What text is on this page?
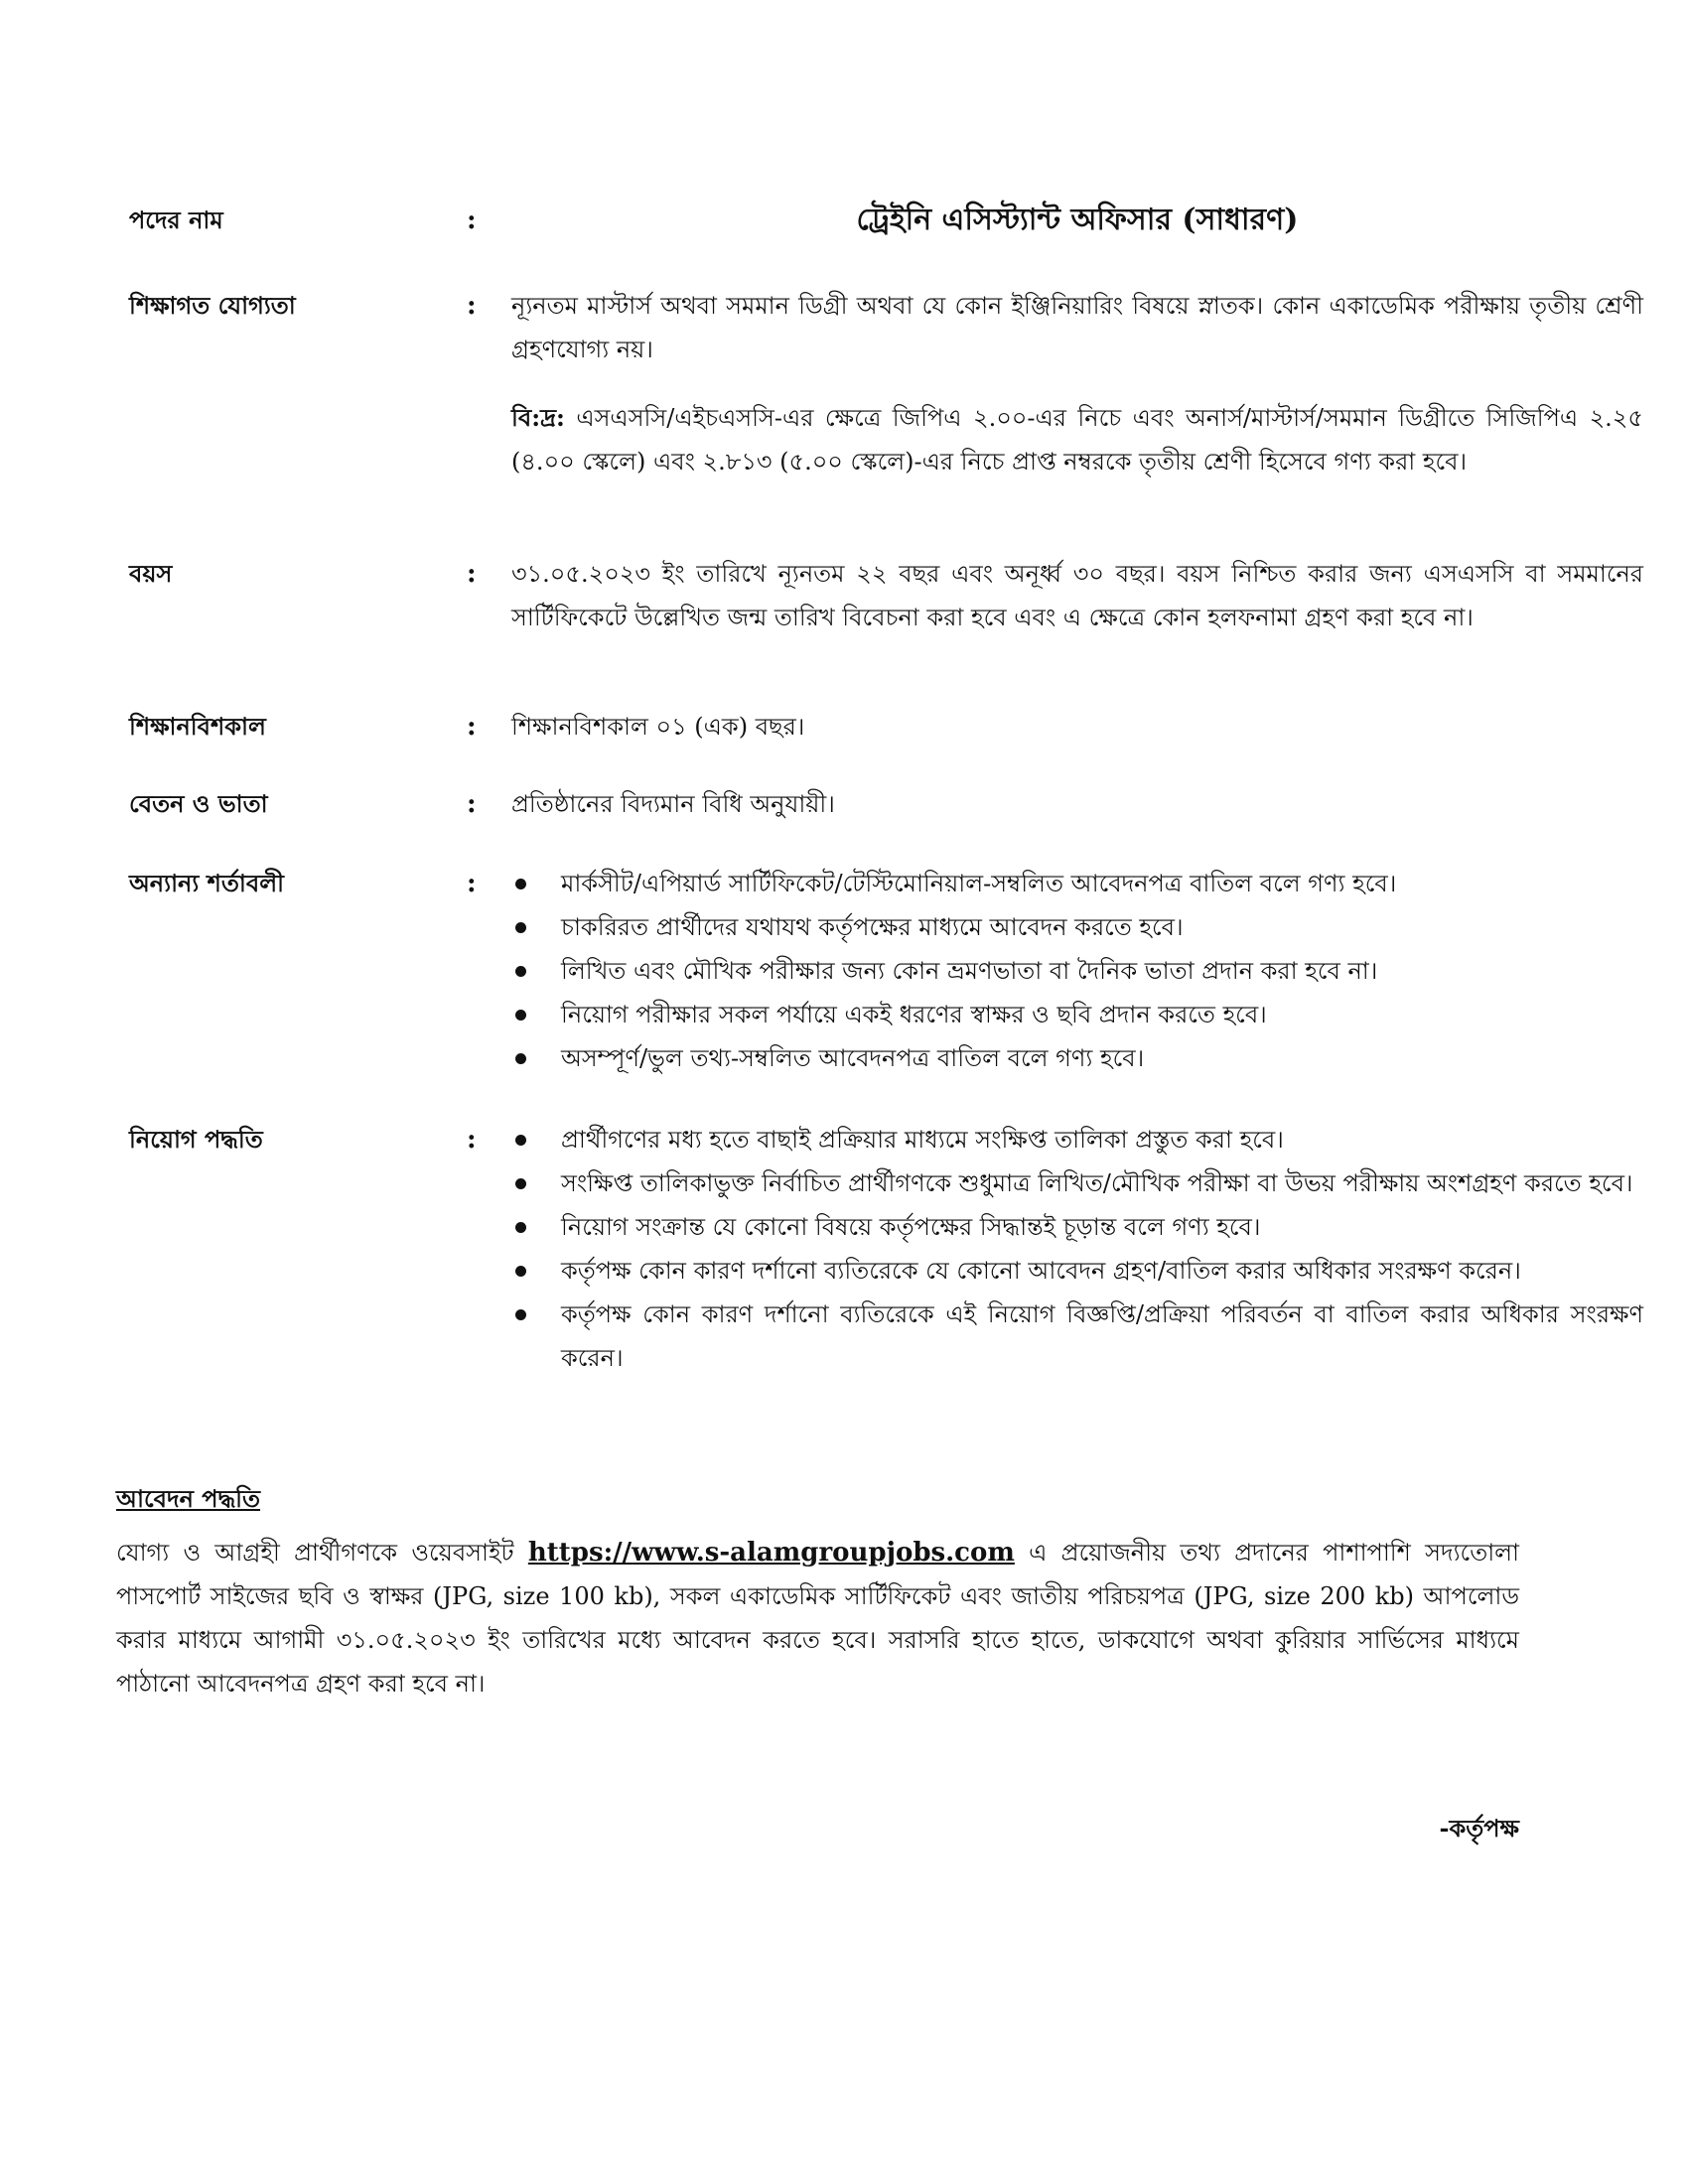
পদের নাম	:	ট্রেইনি এসিস্ট্যান্ট অফিসার (সাধারণ)
শিক্ষাগত যোগ্যতা	:	ন্যূনতম মাস্টার্স অথবা সমমান ডিগ্রী অথবা যে কোন ইঞ্জিনিয়ারিং বিষয়ে স্নাতক। কোন একাডেমিক পরীক্ষায় তৃতীয় শ্রেণী গ্রহণযোগ্য নয়।

বি:দ্র: এসএসসি/এইচএসসি-এর ক্ষেত্রে জিপিএ ২.০০-এর নিচে এবং অনার্স/মাস্টার্স/সমমান ডিগ্রীতে সিজিপিএ ২.২৫ (৪.০০ স্কেলে) এবং ২.৮১৩ (৫.০০ স্কেলে)-এর নিচে প্রাপ্ত নম্বরকে তৃতীয় শ্রেণী হিসেবে গণ্য করা হবে।

বয়স	:	৩১.০৫.২০২৩ ইং তারিখে ন্যূনতম ২২ বছর এবং অনূর্ধ্ব ৩০ বছর। বয়স নিশ্চিত করার জন্য এসএসসি বা সমমানের সার্টিফিকেটে উল্লেখিত জন্ম তারিখ বিবেচনা করা হবে এবং এ ক্ষেত্রে কোন হলফনামা গ্রহণ করা হবে না।
শিক্ষানবিশকাল	:	শিক্ষানবিশকাল ০১ (এক) বছর।
বেতন ও ভাতা	:	প্রতিষ্ঠানের বিদ্যমান বিধি অনুযায়ী।
অন্যান্য শর্তাবলী	:	মার্কসীট/এপিয়ার্ড সার্টিফিকেট/টেস্টিমোনিয়াল-সম্বলিত আবেদনপত্র বাতিল বলে গণ্য হবে।
চাকরিরত প্রার্থীদের যথাযথ কর্তৃপক্ষের মাধ্যমে আবেদন করতে হবে।
লিখিত এবং মৌখিক পরীক্ষার জন্য কোন ভ্রমণভাতা বা দৈনিক ভাতা প্রদান করা হবে না।
নিয়োগ পরীক্ষার সকল পর্যায়ে একই ধরণের স্বাক্ষর ও ছবি প্রদান করতে হবে।
অসম্পূর্ণ/ভুল তথ্য-সম্বলিত আবেদনপত্র বাতিল বলে গণ্য হবে।
নিয়োগ পদ্ধতি	:	প্রার্থীগণের মধ্য হতে বাছাই প্রক্রিয়ার মাধ্যমে সংক্ষিপ্ত তালিকা প্রস্তুত করা হবে।
সংক্ষিপ্ত তালিকাভুক্ত নির্বাচিত প্রার্থীগণকে শুধুমাত্র লিখিত/মৌখিক পরীক্ষা বা উভয় পরীক্ষায় অংশগ্রহণ করতে হবে।
নিয়োগ সংক্রান্ত যে কোনো বিষয়ে কর্তৃপক্ষের সিদ্ধান্তই চূড়ান্ত বলে গণ্য হবে।
কর্তৃপক্ষ কোন কারণ দর্শানো ব্যতিরেকে যে কোনো আবেদন গ্রহণ/বাতিল করার অধিকার সংরক্ষণ করেন।
কর্তৃপক্ষ কোন কারণ দর্শানো ব্যতিরেকে এই নিয়োগ বিজ্ঞপ্তি/প্রক্রিয়া পরিবর্তন বা বাতিল করার অধিকার সংরক্ষণ করেন।
আবেদন পদ্ধতি
যোগ্য ও আগ্রহী প্রার্থীগণকে ওয়েবসাইট https://www.s-alamgroupjobs.com এ প্রয়োজনীয় তথ্য প্রদানের পাশাপাশি সদ্যতোলা পাসপোর্ট সাইজের ছবি ও স্বাক্ষর (JPG, size 100 kb), সকল একাডেমিক সার্টিফিকেট এবং জাতীয় পরিচয়পত্র (JPG, size 200 kb) আপলোড করার মাধ্যমে আগামী ৩১.০৫.২০২৩ ইং তারিখের মধ্যে আবেদন করতে হবে। সরাসরি হাতে হাতে, ডাকযোগে অথবা কুরিয়ার সার্ভিসের মাধ্যমে পাঠানো আবেদনপত্র গ্রহণ করা হবে না।
-কর্তৃপক্ষ
